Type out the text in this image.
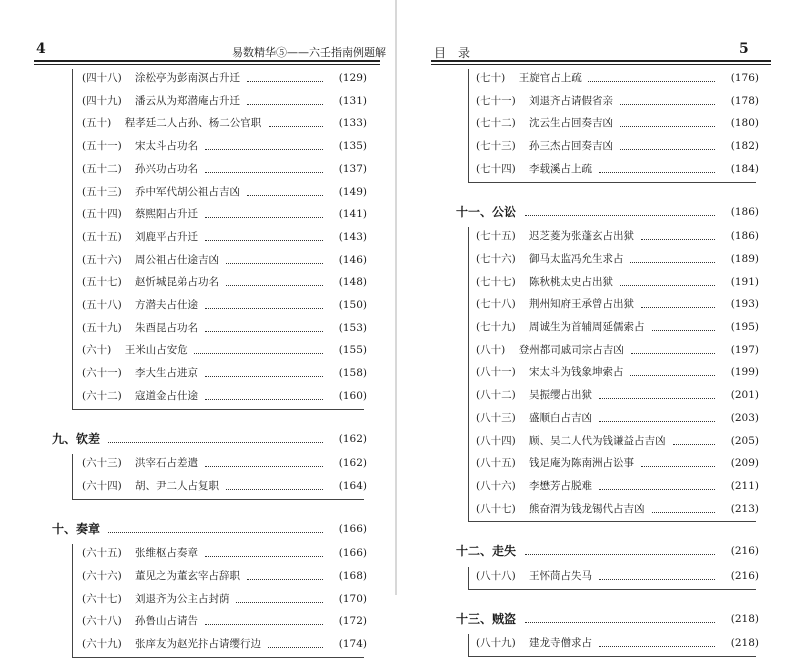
4	易数精华⑤——六壬指南例题解
(四十八) 涂松亭为彭南溟占升迁	(129)
(四十九) 潘云从为郑潜庵占升迁	(131)
(五十) 程孝廷二人占孙、杨二公官职	(133)
(五十一) 宋太斗占功名	(135)
(五十二) 孙兴功占功名	(137)
(五十三) 乔中军代胡公祖占吉凶	(149)
(五十四) 蔡熙阳占升迁	(141)
(五十五) 刘鹿平占升迁	(143)
(五十六) 周公祖占仕途吉凶	(146)
(五十七) 赵忻城昆弟占功名	(148)
(五十八) 方潜夫占仕途	(150)
(五十九) 朱酉昆占功名	(153)
(六十) 王米山占安危	(155)
(六十一) 李大生占进京	(158)
(六十二) 寇道金占仕途	(160)
九、钦差	(162)
(六十三) 洪宰石占差遣	(162)
(六十四) 胡、尹二人占复职	(164)
十、奏章	(166)
(六十五) 张维枢占奏章	(166)
(六十六) 董见之为董玄宰占辞职	(168)
(六十七) 刘退齐为公主占封荫	(170)
(六十八) 孙鲁山占请告	(172)
(六十九) 张庠友为赵光抃占请缨行边	(174)
目　录	5
(七十) 王旋官占上疏	(176)
(七十一) 刘退齐占请假省亲	(178)
(七十二) 沈云生占回奏吉凶	(180)
(七十三) 孙三杰占回奏吉凶	(182)
(七十四) 李载溪占上疏	(184)
十一、公讼	(186)
(七十五) 迟芝菱为张蓬玄占出狱	(186)
(七十六) 御马太监冯允生求占	(189)
(七十七) 陈秋桃太史占出狱	(191)
(七十八) 荆州知府王承曾占出狱	(193)
(七十九) 周诚生为首辅周延儒索占	(195)
(八十) 登州都司戚司宗占吉凶	(197)
(八十一) 宋太斗为钱象坤索占	(199)
(八十二) 吴振缨占出狱	(201)
(八十三) 盛顺白占吉凶	(203)
(八十四) 顾、吴二人代为钱谦益占吉凶	(205)
(八十五) 钱足庵为陈南洲占讼事	(209)
(八十六) 李懋芳占脱难	(211)
(八十七) 熊奋渭为钱龙锡代占吉凶	(213)
十二、走失	(216)
(八十八) 王怀茼占失马	(216)
十三、贼盗	(218)
(八十九) 建龙寺僧求占	(218)
